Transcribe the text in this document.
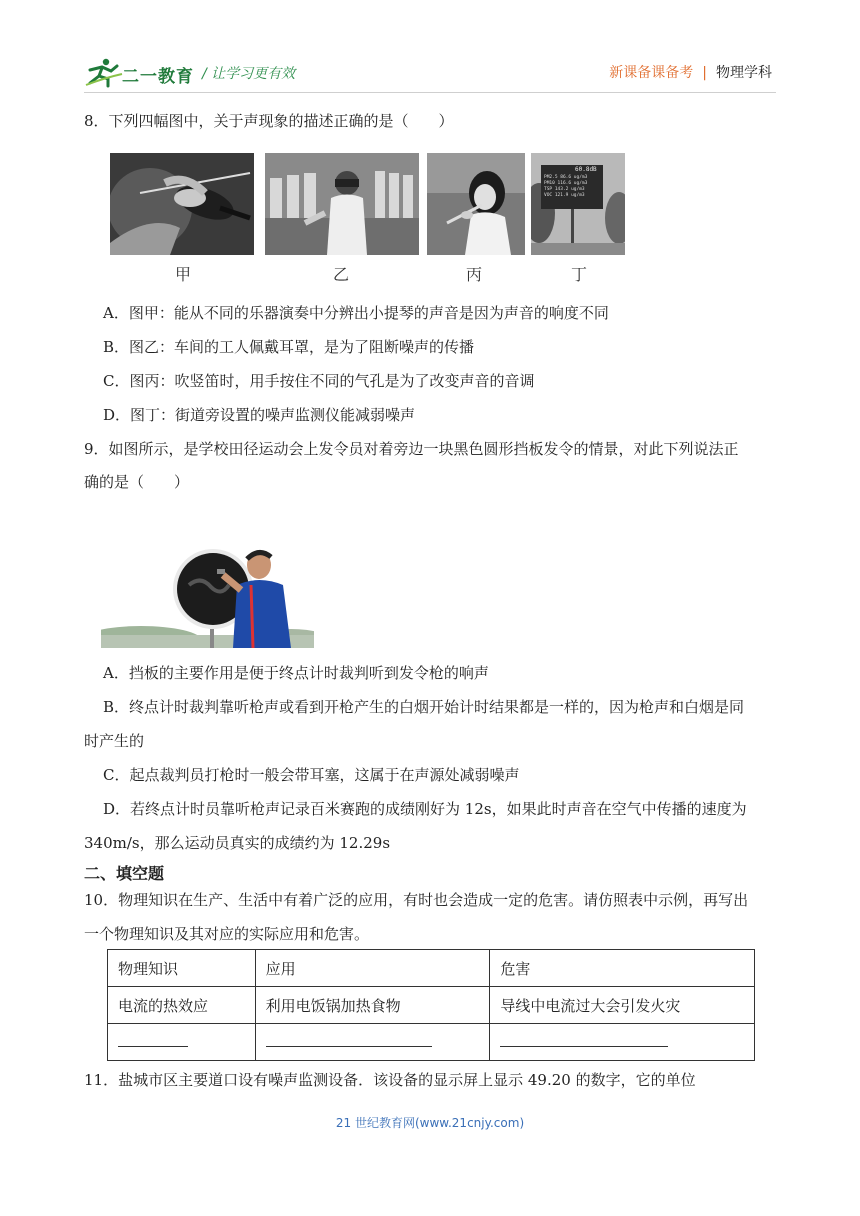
二一教育 / 让学习更有效	新课备课备考 | 物理学科
8．下列四幅图中，关于声现象的描述正确的是（　　）
60.8dB
PM2.5 86.6 ug/m3
PM10 116.6 ug/m3
TSP 143.2 ug/m3
VOC 121.9 ug/m3
甲	乙	丙	丁
A．图甲：能从不同的乐器演奏中分辨出小提琴的声音是因为声音的响度不同
B．图乙：车间的工人佩戴耳罩，是为了阻断噪声的传播
C．图丙：吹竖笛时，用手按住不同的气孔是为了改变声音的音调
D．图丁：街道旁设置的噪声监测仪能减弱噪声
9．如图所示，是学校田径运动会上发令员对着旁边一块黑色圆形挡板发令的情景，对此下列说法正
确的是（　　）
A．挡板的主要作用是便于终点计时裁判听到发令枪的响声
B．终点计时裁判靠听枪声或看到开枪产生的白烟开始计时结果都是一样的，因为枪声和白烟是同
时产生的
C．起点裁判员打枪时一般会带耳塞，这属于在声源处减弱噪声
D．若终点计时员靠听枪声记录百米赛跑的成绩刚好为 12s，如果此时声音在空气中传播的速度为
340m/s，那么运动员真实的成绩约为 12.29s
二、填空题
10．物理知识在生产、生活中有着广泛的应用，有时也会造成一定的危害。请仿照表中示例，再写出
一个物理知识及其对应的实际应用和危害。
物理知识	应用	危害
电流的热效应	利用电饭锅加热食物	导线中电流过大会引发火灾

11．盐城市区主要道口设有噪声监测设备．该设备的显示屏上显示 49.20 的数字，它的单位
21 世纪教育网(www.21cnjy.com)
